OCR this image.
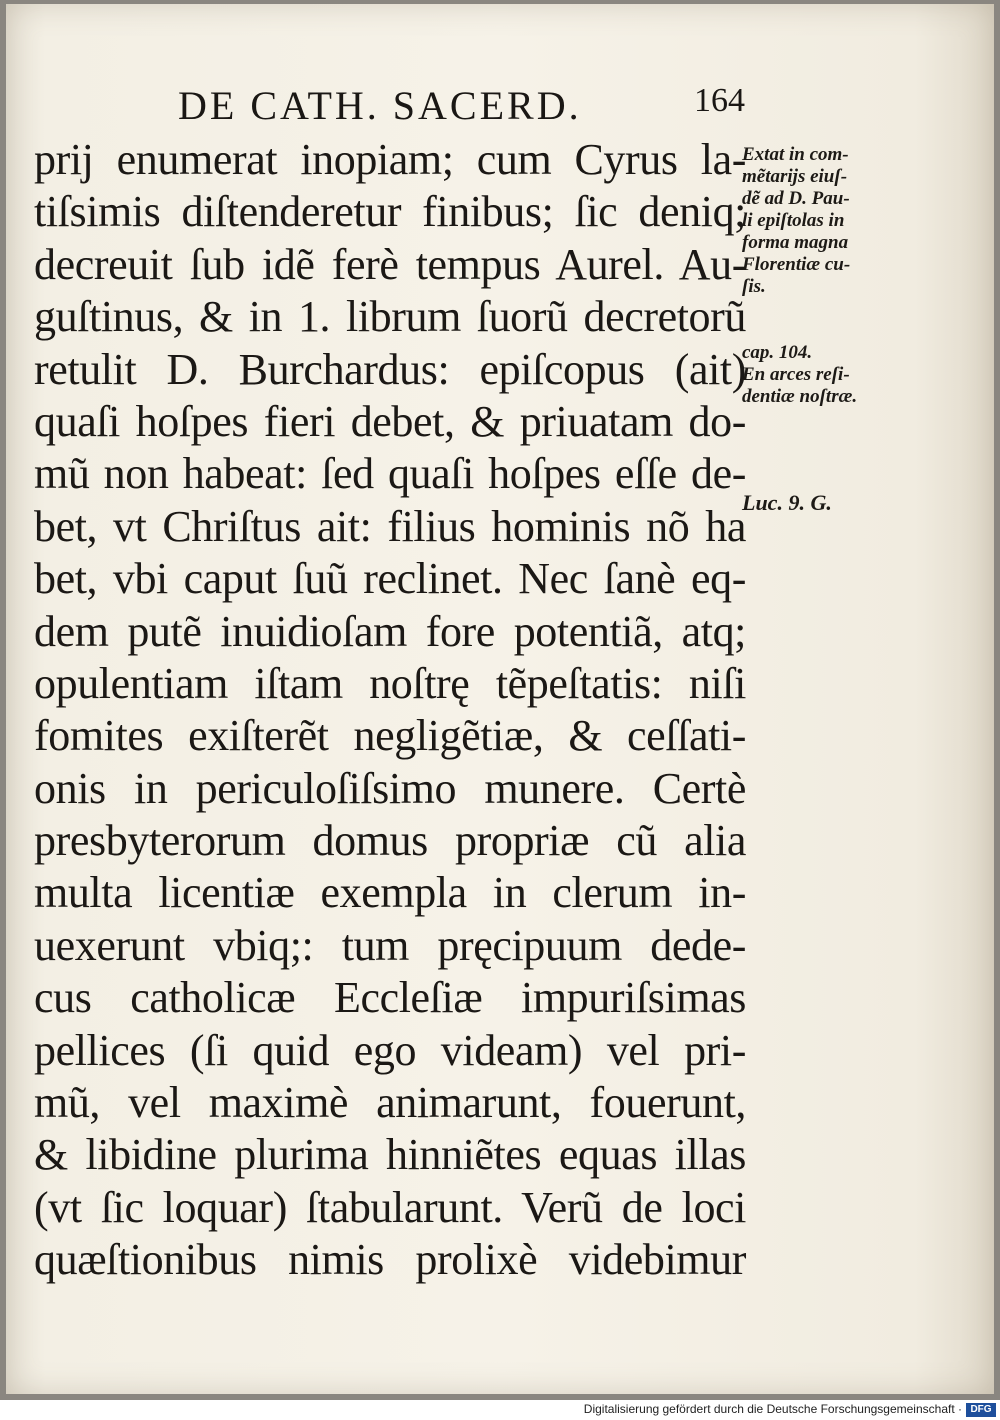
DE CATH. SACERD.	164
prij enumerat inopiam; cum Cyrus la-
tiſsimis diſtenderetur finibus; ſic deniq;
decreuit ſub idẽ ferè tempus Aurel. Au-
guſtinus, & in 1. librum ſuorũ decretorũ
retulit D. Burchardus: epiſcopus (ait)
quaſi hoſpes fieri debet, & priuatam do-
mũ non habeat: ſed quaſi hoſpes eſſe de-
bet, vt Chriſtus ait: filius hominis nõ ha
bet, vbi caput ſuũ reclinet. Nec ſanè eq-
dem putẽ inuidioſam fore potentiã, atq;
opulentiam iſtam noſtrę tẽpeſtatis: niſi
fomites exiſterẽt negligẽtiæ, & ceſſati-
onis in periculoſiſsimo munere. Certè
presbyterorum domus propriæ cũ alia
multa licentiæ exempla in clerum in-
uexerunt vbiq;: tum pręcipuum dede-
cus catholicæ Eccleſiæ impuriſsimas
pellices (ſi quid ego videam) vel pri-
mũ, vel maximè animarunt, fouerunt,
& libidine plurima hinniẽtes equas illas
(vt ſic loquar) ſtabularunt. Verũ de loci
quæſtionibus nimis prolixè videbimur
Extat in com-
mẽtarijs eiuſ-
dẽ ad D. Pau-
li epiſtolas in
forma magna
Florentiæ cu-
ſis.
cap. 104.
En arces reſi-
dentiæ noſtræ.
Luc. 9. G.
Digitalisierung gefördert durch die Deutsche Forschungsgemeinschaft · DFG
